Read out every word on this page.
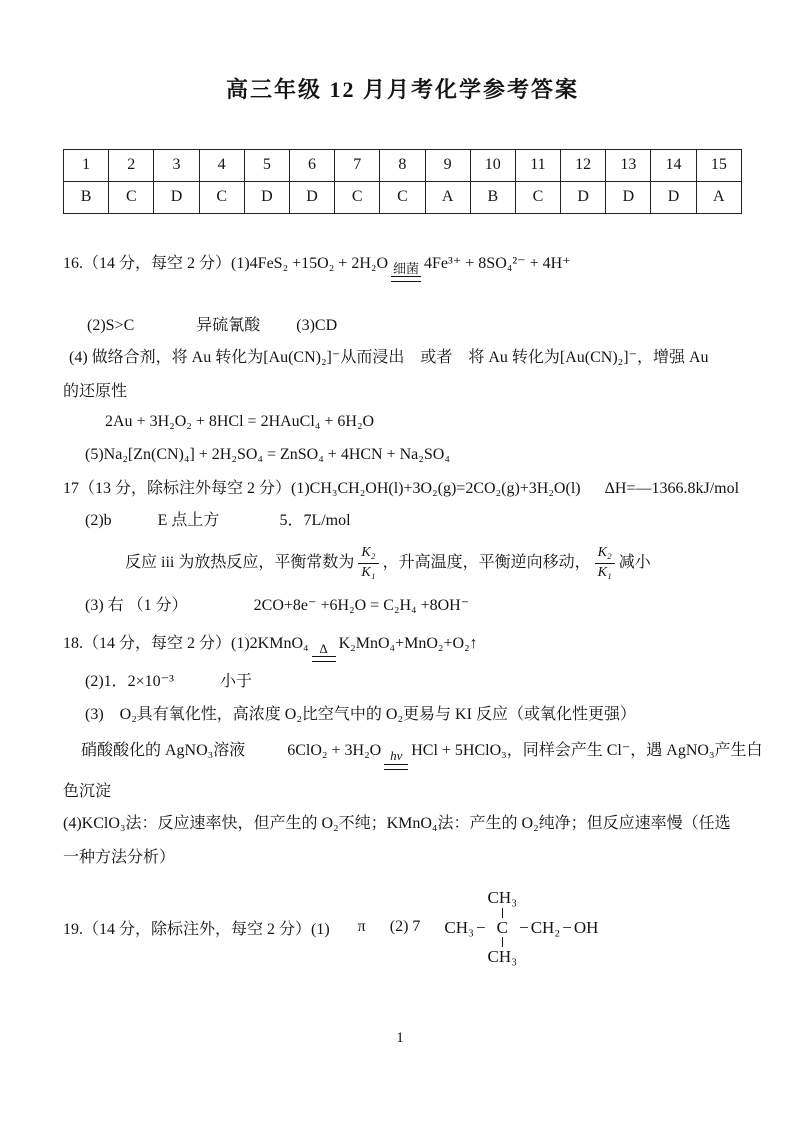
高三年级 12 月月考化学参考答案
1	2	3	4	5	6	7	8	9	10	11	12	13	14	15
B	C	D	C	D	D	C	C	A	B	C	D	D	D	A
16.（14 分，每空 2 分）(1)4FeS₂ +15O₂ + 2H₂O 细菌 4Fe³⁺ + 8SO₄²⁻ + 4H⁺
(2)S>C	异硫氰酸 (3)CD
(4) 做络合剂，将 Au 转化为[Au(CN)₂]⁻从而浸出　或者　将 Au 转化为[Au(CN)₂]⁻，增强 Au
的还原性
2Au + 3H₂O₂ + 8HCl = 2HAuCl₄ + 6H₂O
(5)Na₂[Zn(CN)₄] + 2H₂SO₄ = ZnSO₄ + 4HCN + Na₂SO₄
17（13 分，除标注外每空 2 分）(1)CH₃CH₂OH(l)+3O₂(g)=2CO₂(g)+3H₂O(l) ΔH=—1366.8kJ/mol
(2)b	E 点上方	5．7L/mol
反应 iii 为放热反应，平衡常数为 $\frac{\text{K₂}}{\text{K₁}}$ ，升高温度，平衡逆向移动， $\frac{\text{K₂}}{\text{K₁}}$ 减小
(3) 右 （1 分）	2CO+8e⁻ +6H₂O = C₂H₄ +8OH⁻
18.（14 分，每空 2 分）(1)2KMnO₄ Δ K₂MnO₄+MnO₂+O₂↑
(2)1．2×10⁻³	小于
(3)　O₂具有氧化性，高浓度 O₂比空气中的 O₂更易与 KI 反应（或氧化性更强）
硝酸酸化的 AgNO₃溶液	6ClO₂ + 3H₂O hv HCl + 5HClO₃，同样会产生 Cl⁻，遇 AgNO₃产生白
色沉淀
(4)KClO₃法：反应速率快，但产生的 O₂不纯；KMnO₄法：产生的 O₂纯净；但反应速率慢（任选
一种方法分析）
19.（14 分，除标注外，每空 2 分）(1) π (2) 7
CH₃
CH₃ − C − CH₂ − OH
CH₃
1
